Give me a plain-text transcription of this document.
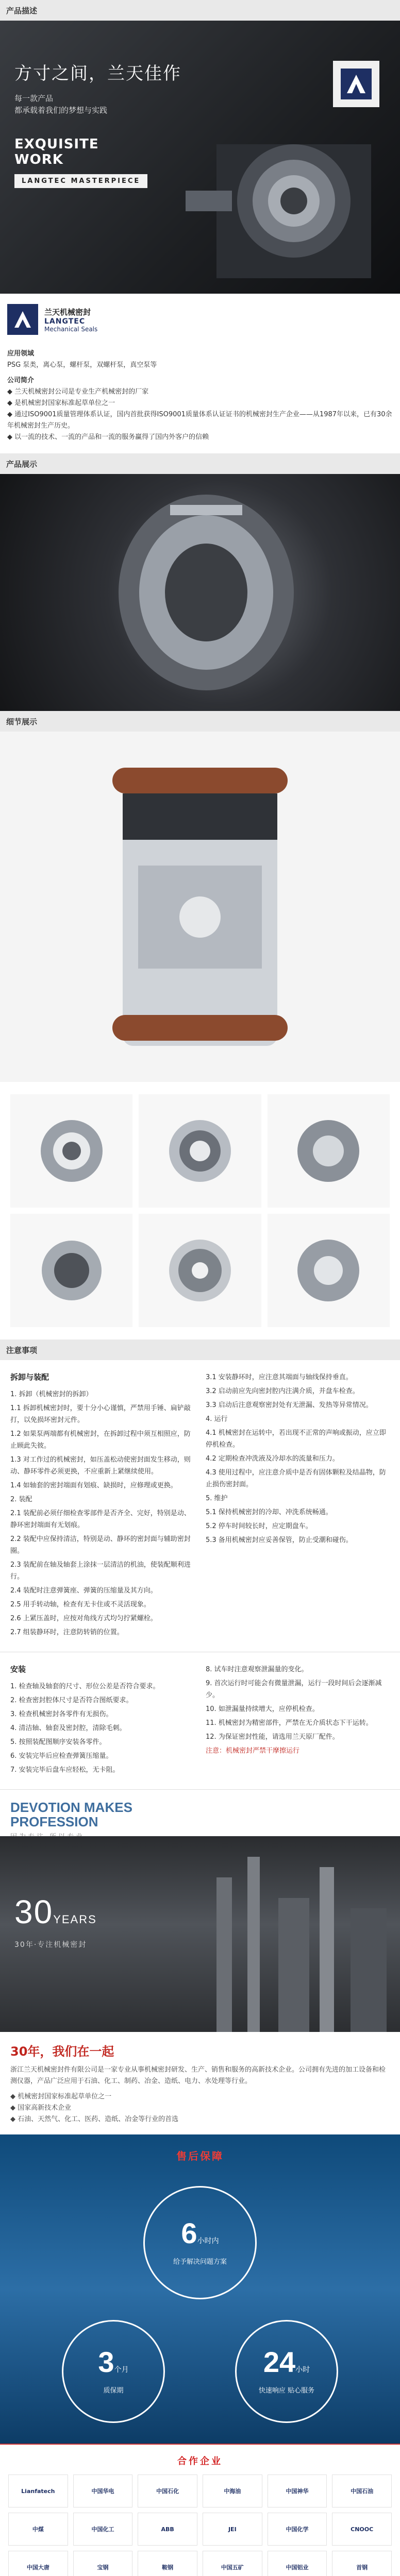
产品描述
方寸之间，兰天佳作
每一款产品
都承载着我们的梦想与实践
EXQUISITE
WORK
LANGTEC MASTERPIECE
兰天机械密封
LANGTEC
Mechanical Seals
应用领域
PSG 泵类，离心泵，螺杆泵，双螺杆泵，真空泵等
公司简介
◆ 兰天机械密封公司是专业生产机械密封的厂家
◆ 是机械密封国家标准起草单位之一
◆ 通过ISO9001质量管理体系认证，国内首批获得ISO9001质量体系认证证书的机械密封生产企业——从1987年以来，已有30余年机械密封生产历史。
◆ 以一流的技术、一流的产品和一流的服务赢得了国内外客户的信赖
产品展示
细节展示
注意事项
拆卸与装配

1. 拆卸（机械密封的拆卸）

1.1 拆卸机械密封时，要十分小心谨慎，严禁用手锤、扁铲敲打，以免损坏密封元件。

1.2 如果泵两端都有机械密封，在拆卸过程中须互相照应，防止顾此失彼。

1.3 对工作过的机械密封，如压盖松动使密封面发生移动，则动、静环零件必须更换，不应重新上紧继续使用。

1.4 如轴套的密封端面有划痕、缺损时，应修理或更换。

2. 装配

2.1 装配前必须仔细检查零部件是否齐全、完好，特别是动、静环密封端面有无划痕。

2.2 装配中应保持清洁，特别是动、静环的密封面与辅助密封圈。

2.3 装配前在轴及轴套上涂抹一层清洁的机油，使装配顺利进行。

2.4 装配时注意弹簧座、弹簧的压缩量及其方向。

2.5 用手转动轴，检查有无卡住或不灵活现象。

2.6 上紧压盖时，应按对角线方式均匀拧紧螺栓。

2.7 组装静环时，注意防转销的位置。

3.1 安装静环时，应注意其端面与轴线保持垂直。

3.2 启动前应先向密封腔内注满介质，并盘车检查。

3.3 启动后注意观察密封处有无泄漏、发热等异常情况。

4. 运行

4.1 机械密封在运转中，若出现不正常的声响或振动，应立即停机检查。

4.2 定期检查冲洗液及冷却水的流量和压力。

4.3 使用过程中，应注意介质中是否有固体颗粒及结晶物，防止损伤密封面。

5. 维护

5.1 保持机械密封的冷却、冲洗系统畅通。

5.2 停车时间较长时，应定期盘车。

5.3 备用机械密封应妥善保管，防止受潮和碰伤。

安装

1. 检查轴及轴套的尺寸、形位公差是否符合要求。

2. 检查密封腔体尺寸是否符合图纸要求。

3. 检查机械密封各零件有无损伤。

4. 清洁轴、轴套及密封腔，清除毛刺。

5. 按照装配图顺序安装各零件。

6. 安装完毕后应检查弹簧压缩量。

7. 安装完毕后盘车应轻松，无卡阻。

8. 试车时注意观察泄漏量的变化。

9. 首次运行时可能会有微量泄漏，运行一段时间后会逐渐减少。

10. 如泄漏量持续增大，应停机检查。

11. 机械密封为精密部件，严禁在无介质状态下干运转。

12. 为保证密封性能，请选用兰天原厂配件。

注意：机械密封严禁干摩擦运行

DEVOTION MAKES
PROFESSION
30YEARS
30年·专注机械密封
30年，我们在一起

浙江兰天机械密封件有限公司是一家专业从事机械密封研发、生产、销售和服务的高新技术企业。公司拥有先进的加工设备和检测仪器，产品广泛应用于石油、化工、制药、冶金、造纸、电力、水处理等行业。

◆ 机械密封国家标准起草单位之一
◆ 国家高新技术企业
◆ 石油、天然气、化工、医药、造纸、冶金等行业的首选
售后保障
6小时内
给予解决问题方案
3个月
质保期
24小时
快速响应 贴心服务
合作企业
Lianfatech	中国华电	中国石化	中海油	中国神华	中国石油
中煤	中国化工	ABB	JEI	中国化学	CNOOC
中国大唐	宝钢	鞍钢	中国五矿	中国铝业	首钢
